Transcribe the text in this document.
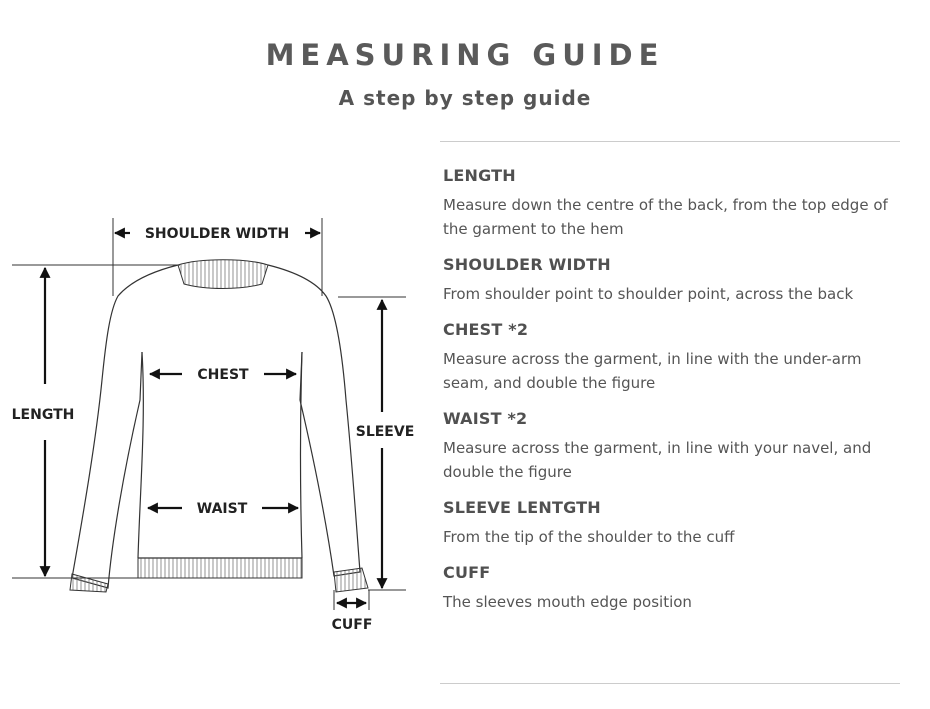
MEASURING GUIDE
A step by step guide
SHOULDER WIDTH
LENGTH
CHEST
WAIST
SLEEVE
CUFF
LENGTH

Measure down the centre of the back, from the top edge of the garment to the hem

SHOULDER WIDTH

From shoulder point to shoulder point, across the back

CHEST *2

Measure across the garment, in line with the under-arm seam, and double the figure

WAIST *2

Measure across the garment, in line with your navel, and double the figure

SLEEVE LENTGTH

From the tip of the shoulder to the cuff

CUFF

The sleeves mouth edge position
